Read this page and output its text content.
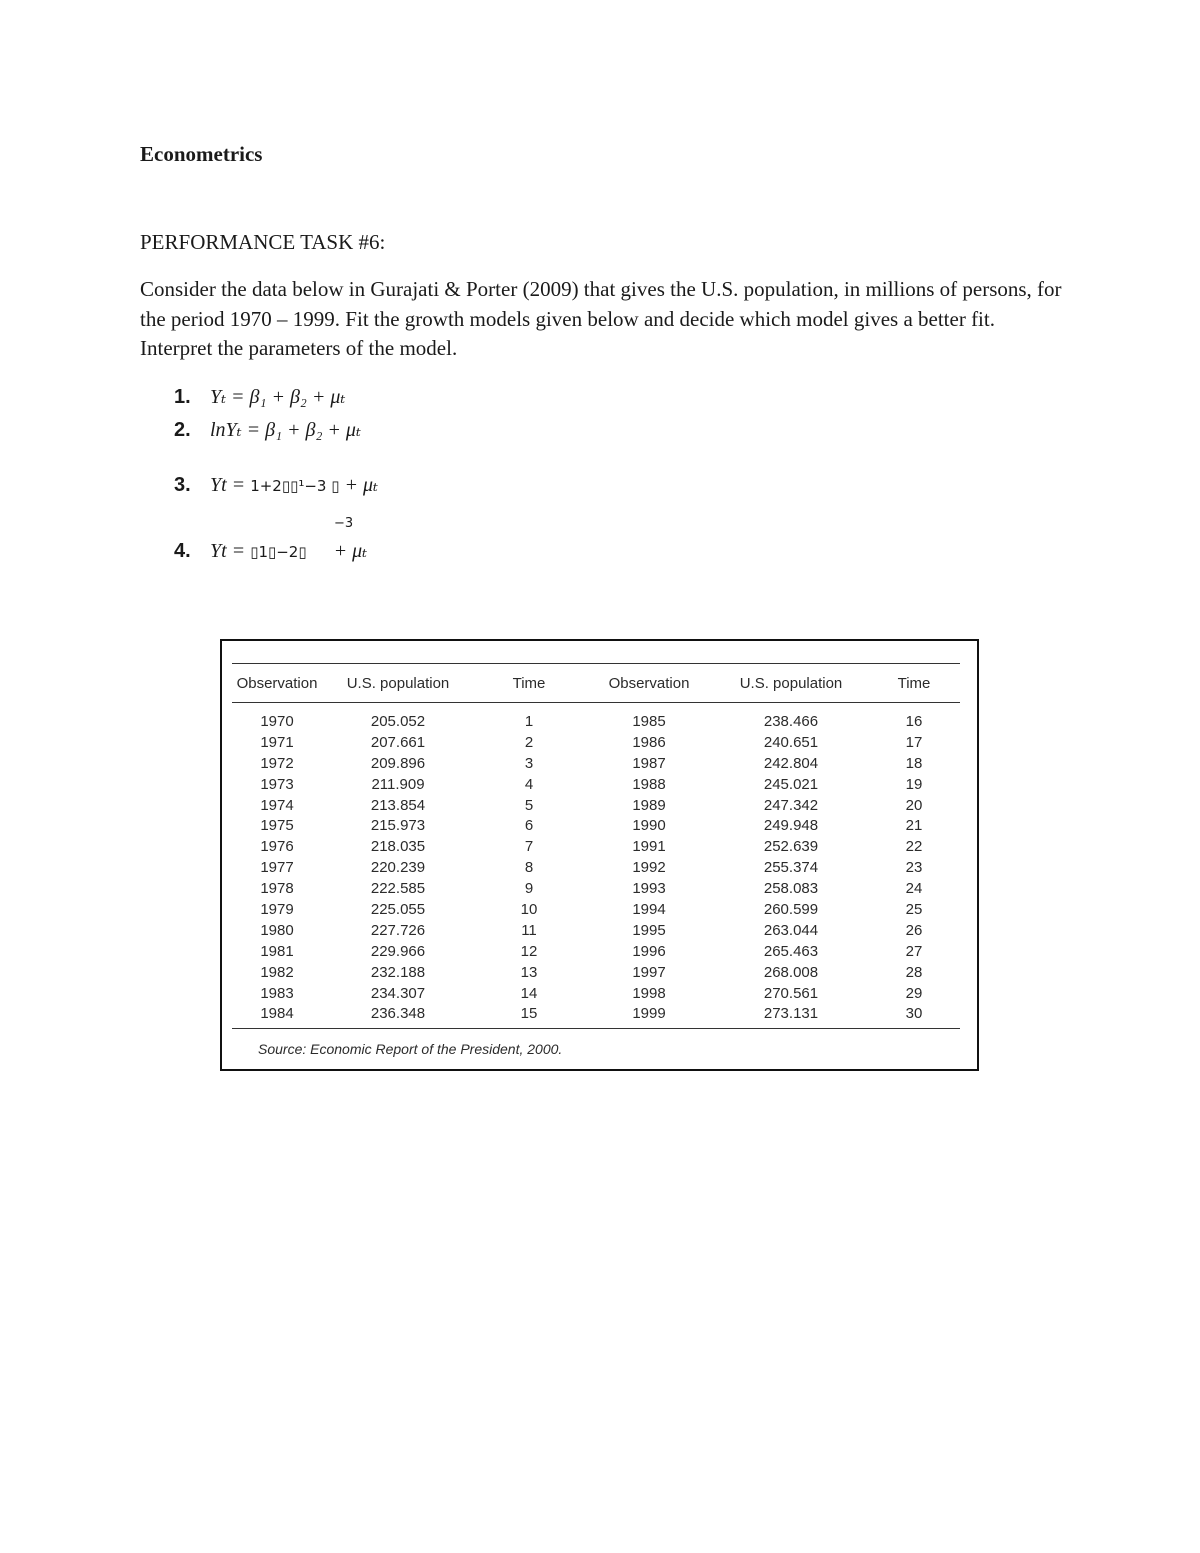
Econometrics
PERFORMANCE TASK #6:
Consider the data below in Gurajati & Porter (2009) that gives the U.S. population, in millions of persons, for the period 1970 – 1999. Fit the growth models given below and decide which model gives a better fit. Interpret the parameters of the model.
1. Yₜ = β₁ + β₂ + μₜ
2. lnYₜ = β₁ + β₂ + μₜ
3. Yt = 1+2▯▯¹−3 ▯ + μₜ
−3
4. Yt = ▯1▯−2▯ + μₜ
Observation	U.S. population	Time	Observation	U.S. population	Time
1970	205.052	1	1985	238.466	16
1971	207.661	2	1986	240.651	17
1972	209.896	3	1987	242.804	18
1973	211.909	4	1988	245.021	19
1974	213.854	5	1989	247.342	20
1975	215.973	6	1990	249.948	21
1976	218.035	7	1991	252.639	22
1977	220.239	8	1992	255.374	23
1978	222.585	9	1993	258.083	24
1979	225.055	10	1994	260.599	25
1980	227.726	11	1995	263.044	26
1981	229.966	12	1996	265.463	27
1982	232.188	13	1997	268.008	28
1983	234.307	14	1998	270.561	29
1984	236.348	15	1999	273.131	30
Source: Economic Report of the President, 2000.					
